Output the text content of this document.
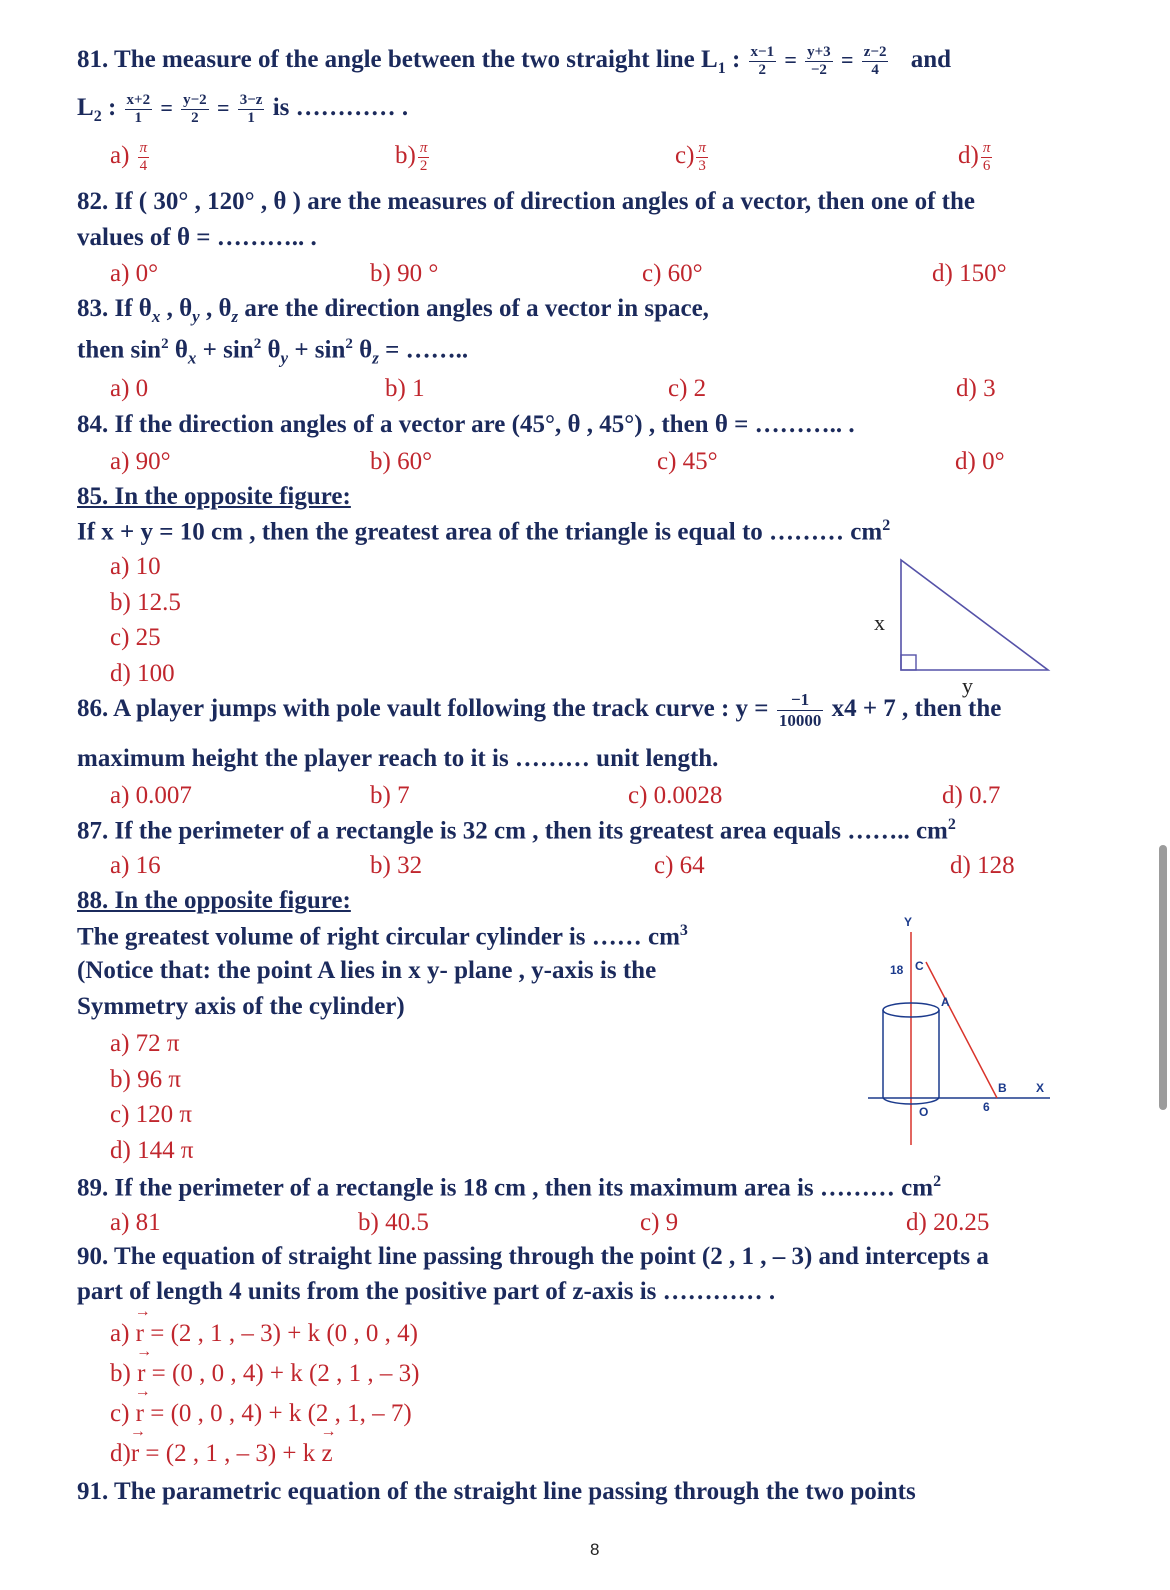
81. The measure of the angle between the two straight line $L_1$ : $\frac{x-1}{2} = \frac{y+3}{-2} = \frac{z-2}{4}$ and
$L_2$ : $\frac{x+2}{1} = \frac{y-2}{2} = \frac{3-z}{1}$ is ………… .
$a) \frac{\pi}{4}$	$b) \frac{\pi}{2}$	$c) \frac{\pi}{3}$	$d) \frac{\pi}{6}$
82. If ( 30° , 120° , θ ) are the measures of direction angles of a vector, then one of the
values of θ = ……….. .
a) 0°	b) 90 °	c) 60°	d) 150°
83. If $\theta_x$ , $\theta_y$ , $\theta_z$ are the direction angles of a vector in space,
then $\sin^2 \theta_x + \sin^2 \theta_y + \sin^2 \theta_z$ = ……..
a) 0	b) 1	c) 2	d) 3
84. If the direction angles of a vector are (45°, θ , 45°) , then θ = ……….. .
a) 90°	b) 60°	c) 45°	d) 0°
85. In the opposite figure:
If x + y = 10 cm , then the greatest area of the triangle is equal to ……… $cm^2$
a) 10
b) 12.5
c) 25
d) 100
x
y
86. A player jumps with pole vault following the track curve : $y = \frac{-1}{10000} x4 + 7$ , then the
maximum height the player reach to it is ……… unit length.
a) 0.007	b) 7	c) 0.0028	d) 0.7
87. If the perimeter of a rectangle is 32 cm , then its greatest area equals …….. $cm^2$
a) 16	b) 32	c) 64	d) 128
88. In the opposite figure:
The greatest volume of right circular cylinder is …… $cm^3$
(Notice that: the point A lies in x y- plane , y-axis is the
Symmetry axis of the cylinder)
a) 72 π
b) 96 π
c) 120 π
d) 144 π
Y
X
18 C
A
B
O	6
89. If the perimeter of a rectangle is 18 cm , then its maximum area is ……… $cm^2$
a) 81	b) 40.5	c) 9	d) 20.25
90. The equation of straight line passing through the point (2 , 1 , – 3) and intercepts a
part of length 4 units from the positive part of z-axis is ………… .
a) → r = (2 , 1 , – 3) + k (0 , 0 , 4)
b) → r = (0 , 0 , 4) + k (2 , 1 , – 3)
c) → r = (0 , 0 , 4) + k (2 , 1, – 7)
d)→ r = (2 , 1 , – 3) + k → z
91. The parametric equation of the straight line passing through the two points
8
